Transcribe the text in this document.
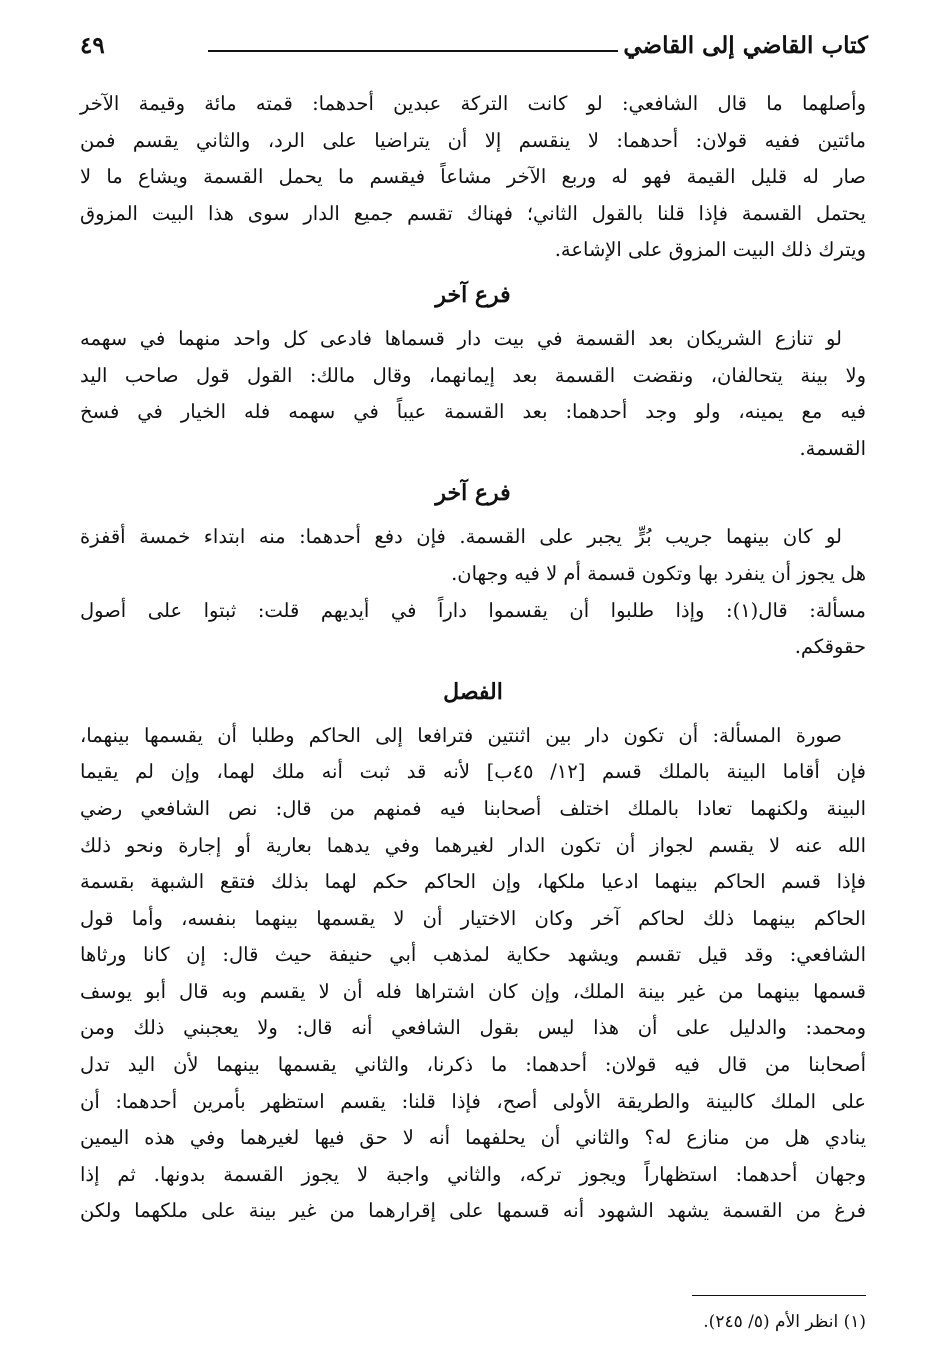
كتاب القاضي إلى القاضي
٤٩

وأصلهما ما قال الشافعي: لو كانت التركة عبدين أحدهما: قمته مائة وقيمة الآخر
مائتين ففيه قولان: أحدهما: لا ينقسم إلا أن يتراضيا على الرد، والثاني يقسم فمن
صار له قليل القيمة فهو له وربع الآخر مشاعاً فيقسم ما يحمل القسمة ويشاع ما لا
يحتمل القسمة فإذا قلنا بالقول الثاني؛ فهناك تقسم جميع الدار سوى هذا البيت المزوق
ويترك ذلك البيت المزوق على الإشاعة.

فرع آخر

لو تنازع الشريكان بعد القسمة في بيت دار قسماها فادعى كل واحد منهما في سهمه
ولا بينة يتحالفان، ونقضت القسمة بعد إيمانهما، وقال مالك: القول قول صاحب اليد
فيه مع يمينه، ولو وجد أحدهما: بعد القسمة عيباً في سهمه فله الخيار في فسخ
القسمة.

فرع آخر

لو كان بينهما جريب بُرٍّ يجبر على القسمة. فإن دفع أحدهما: منه ابتداء خمسة أقفزة
هل يجوز أن ينفرد بها وتكون قسمة أم لا فيه وجهان.

مسألة: قال(١): وإذا طلبوا أن يقسموا داراً في أيديهم قلت: ثبتوا على أصول
حقوقكم.

الفصل

صورة المسألة: أن تكون دار بين اثنتين فترافعا إلى الحاكم وطلبا أن يقسمها بينهما،
فإن أقاما البينة بالملك قسم [١٢/ ٤٥ب] لأنه قد ثبت أنه ملك لهما، وإن لم يقيما
البينة ولكنهما تعادا بالملك اختلف أصحابنا فيه فمنهم من قال: نص الشافعي رضي
الله عنه لا يقسم لجواز أن تكون الدار لغيرهما وفي يدهما بعارية أو إجارة ونحو ذلك
فإذا قسم الحاكم بينهما ادعيا ملكها، وإن الحاكم حكم لهما بذلك فتقع الشبهة بقسمة
الحاكم بينهما ذلك لحاكم آخر وكان الاختيار أن لا يقسمها بينهما بنفسه، وأما قول
الشافعي: وقد قيل تقسم ويشهد حكاية لمذهب أبي حنيفة حيث قال: إن كانا ورثاها
قسمها بينهما من غير بينة الملك، وإن كان اشتراها فله أن لا يقسم وبه قال أبو يوسف
ومحمد: والدليل على أن هذا ليس بقول الشافعي أنه قال: ولا يعجبني ذلك ومن
أصحابنا من قال فيه قولان: أحدهما: ما ذكرنا، والثاني يقسمها بينهما لأن اليد تدل
على الملك كالبينة والطريقة الأولى أصح، فإذا قلنا: يقسم استظهر بأمرين أحدهما: أن
ينادي هل من منازع له؟ والثاني أن يحلفهما أنه لا حق فيها لغيرهما وفي هذه اليمين
وجهان أحدهما: استظهاراً ويجوز تركه، والثاني واجبة لا يجوز القسمة بدونها. ثم إذا
فرغ من القسمة يشهد الشهود أنه قسمها على إقرارهما من غير بينة على ملكهما ولكن

(١) انظر الأم (٥/ ٢٤٥).
